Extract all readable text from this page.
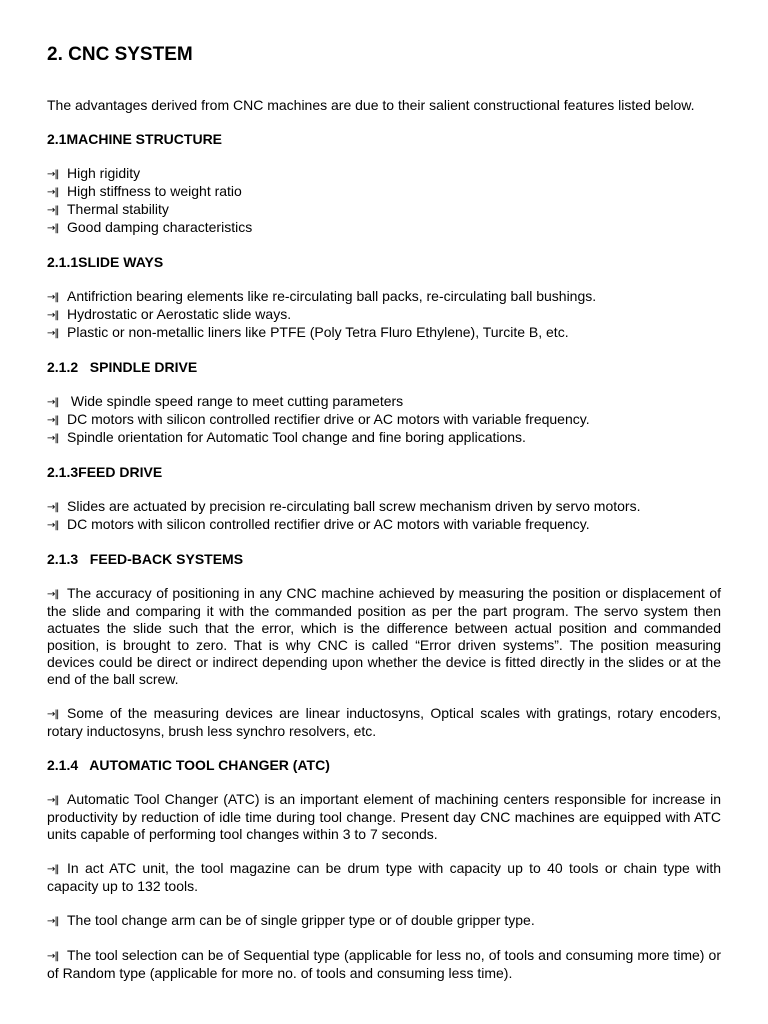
2. CNC SYSTEM

The advantages derived from CNC machines are due to their salient constructional features listed below.

2.1MACHINE STRUCTURE
→‖ High rigidity
→‖ High stiffness to weight ratio
→‖ Thermal stability
→‖ Good damping characteristics
2.1.1SLIDE WAYS
→‖ Antifriction bearing elements like re-circulating ball packs, re-circulating ball bushings.
→‖ Hydrostatic or Aerostatic slide ways.
→‖ Plastic or non-metallic liners like PTFE (Poly Tetra Fluro Ethylene), Turcite B, etc.
2.1.2   SPINDLE DRIVE
→‖ Wide spindle speed range to meet cutting parameters
→‖ DC motors with silicon controlled rectifier drive or AC motors with variable frequency.
→‖ Spindle orientation for Automatic Tool change and fine boring applications.
2.1.3FEED DRIVE
→‖ Slides are actuated by precision re-circulating ball screw mechanism driven by servo motors.
→‖ DC motors with silicon controlled rectifier drive or AC motors with variable frequency.
2.1.3   FEED-BACK SYSTEMS

→‖ The accuracy of positioning in any CNC machine achieved by measuring the position or displacement of the slide and comparing it with the commanded position as per the part program. The servo system then actuates the slide such that the error, which is the difference between actual position and commanded position, is brought to zero. That is why CNC is called “Error driven systems”. The position measuring devices could be direct or indirect depending upon whether the device is fitted directly in the slides or at the end of the ball screw.

→‖ Some of the measuring devices are linear inductosyns, Optical scales with gratings, rotary encoders, rotary inductosyns, brush less synchro resolvers, etc.

2.1.4   AUTOMATIC TOOL CHANGER (ATC)

→‖ Automatic Tool Changer (ATC) is an important element of machining centers responsible for increase in productivity by reduction of idle time during tool change. Present day CNC machines are equipped with ATC units capable of performing tool changes within 3 to 7 seconds.

→‖ In act ATC unit, the tool magazine can be drum type with capacity up to 40 tools or chain type with capacity up to 132 tools.

→‖ The tool change arm can be of single gripper type or of double gripper type.

→‖ The tool selection can be of Sequential type (applicable for less no, of tools and consuming more time) or of Random type (applicable for more no. of tools and consuming less time).
